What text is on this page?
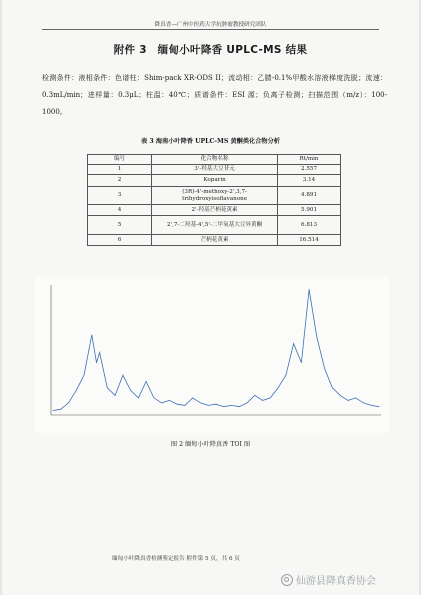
降真香—广州中医药大学抗肿瘤教授研究团队
附件 3　缅甸小叶降香 UPLC-MS 结果

检测条件：液相条件：色谱柱：Shim-pack XR-ODS II；流动相：乙腈-0.1%甲酸水溶液梯度洗脱；流速：0.3mL/min；进样量：0.3μL；柱温：40℃；质谱条件：ESI 源；负离子检测；扫描范围（m/z）：100-1000。

表 3 海南小叶降香 UPLC-MS 黄酮类化合物分析
编号	化合物名称	Rt/min
1	3'-羟基大豆苷元	2.557
2	Koparin	3.14
3	(3R)-4'-methoxy-2',3,7-trihydroxyisoflavanone	4.891
4	2'-羟基芒柄花黄素	5.901
5	2',7-二羟基-4',5'-二甲氧基大豆异黄酮	6.813
6	芒柄花黄素	16.514
图 2 缅甸小叶降真香 TOI 图
缅甸小叶降真香检测鉴定报告 附件第 5 页，共 6 页
仙游县降真香协会
